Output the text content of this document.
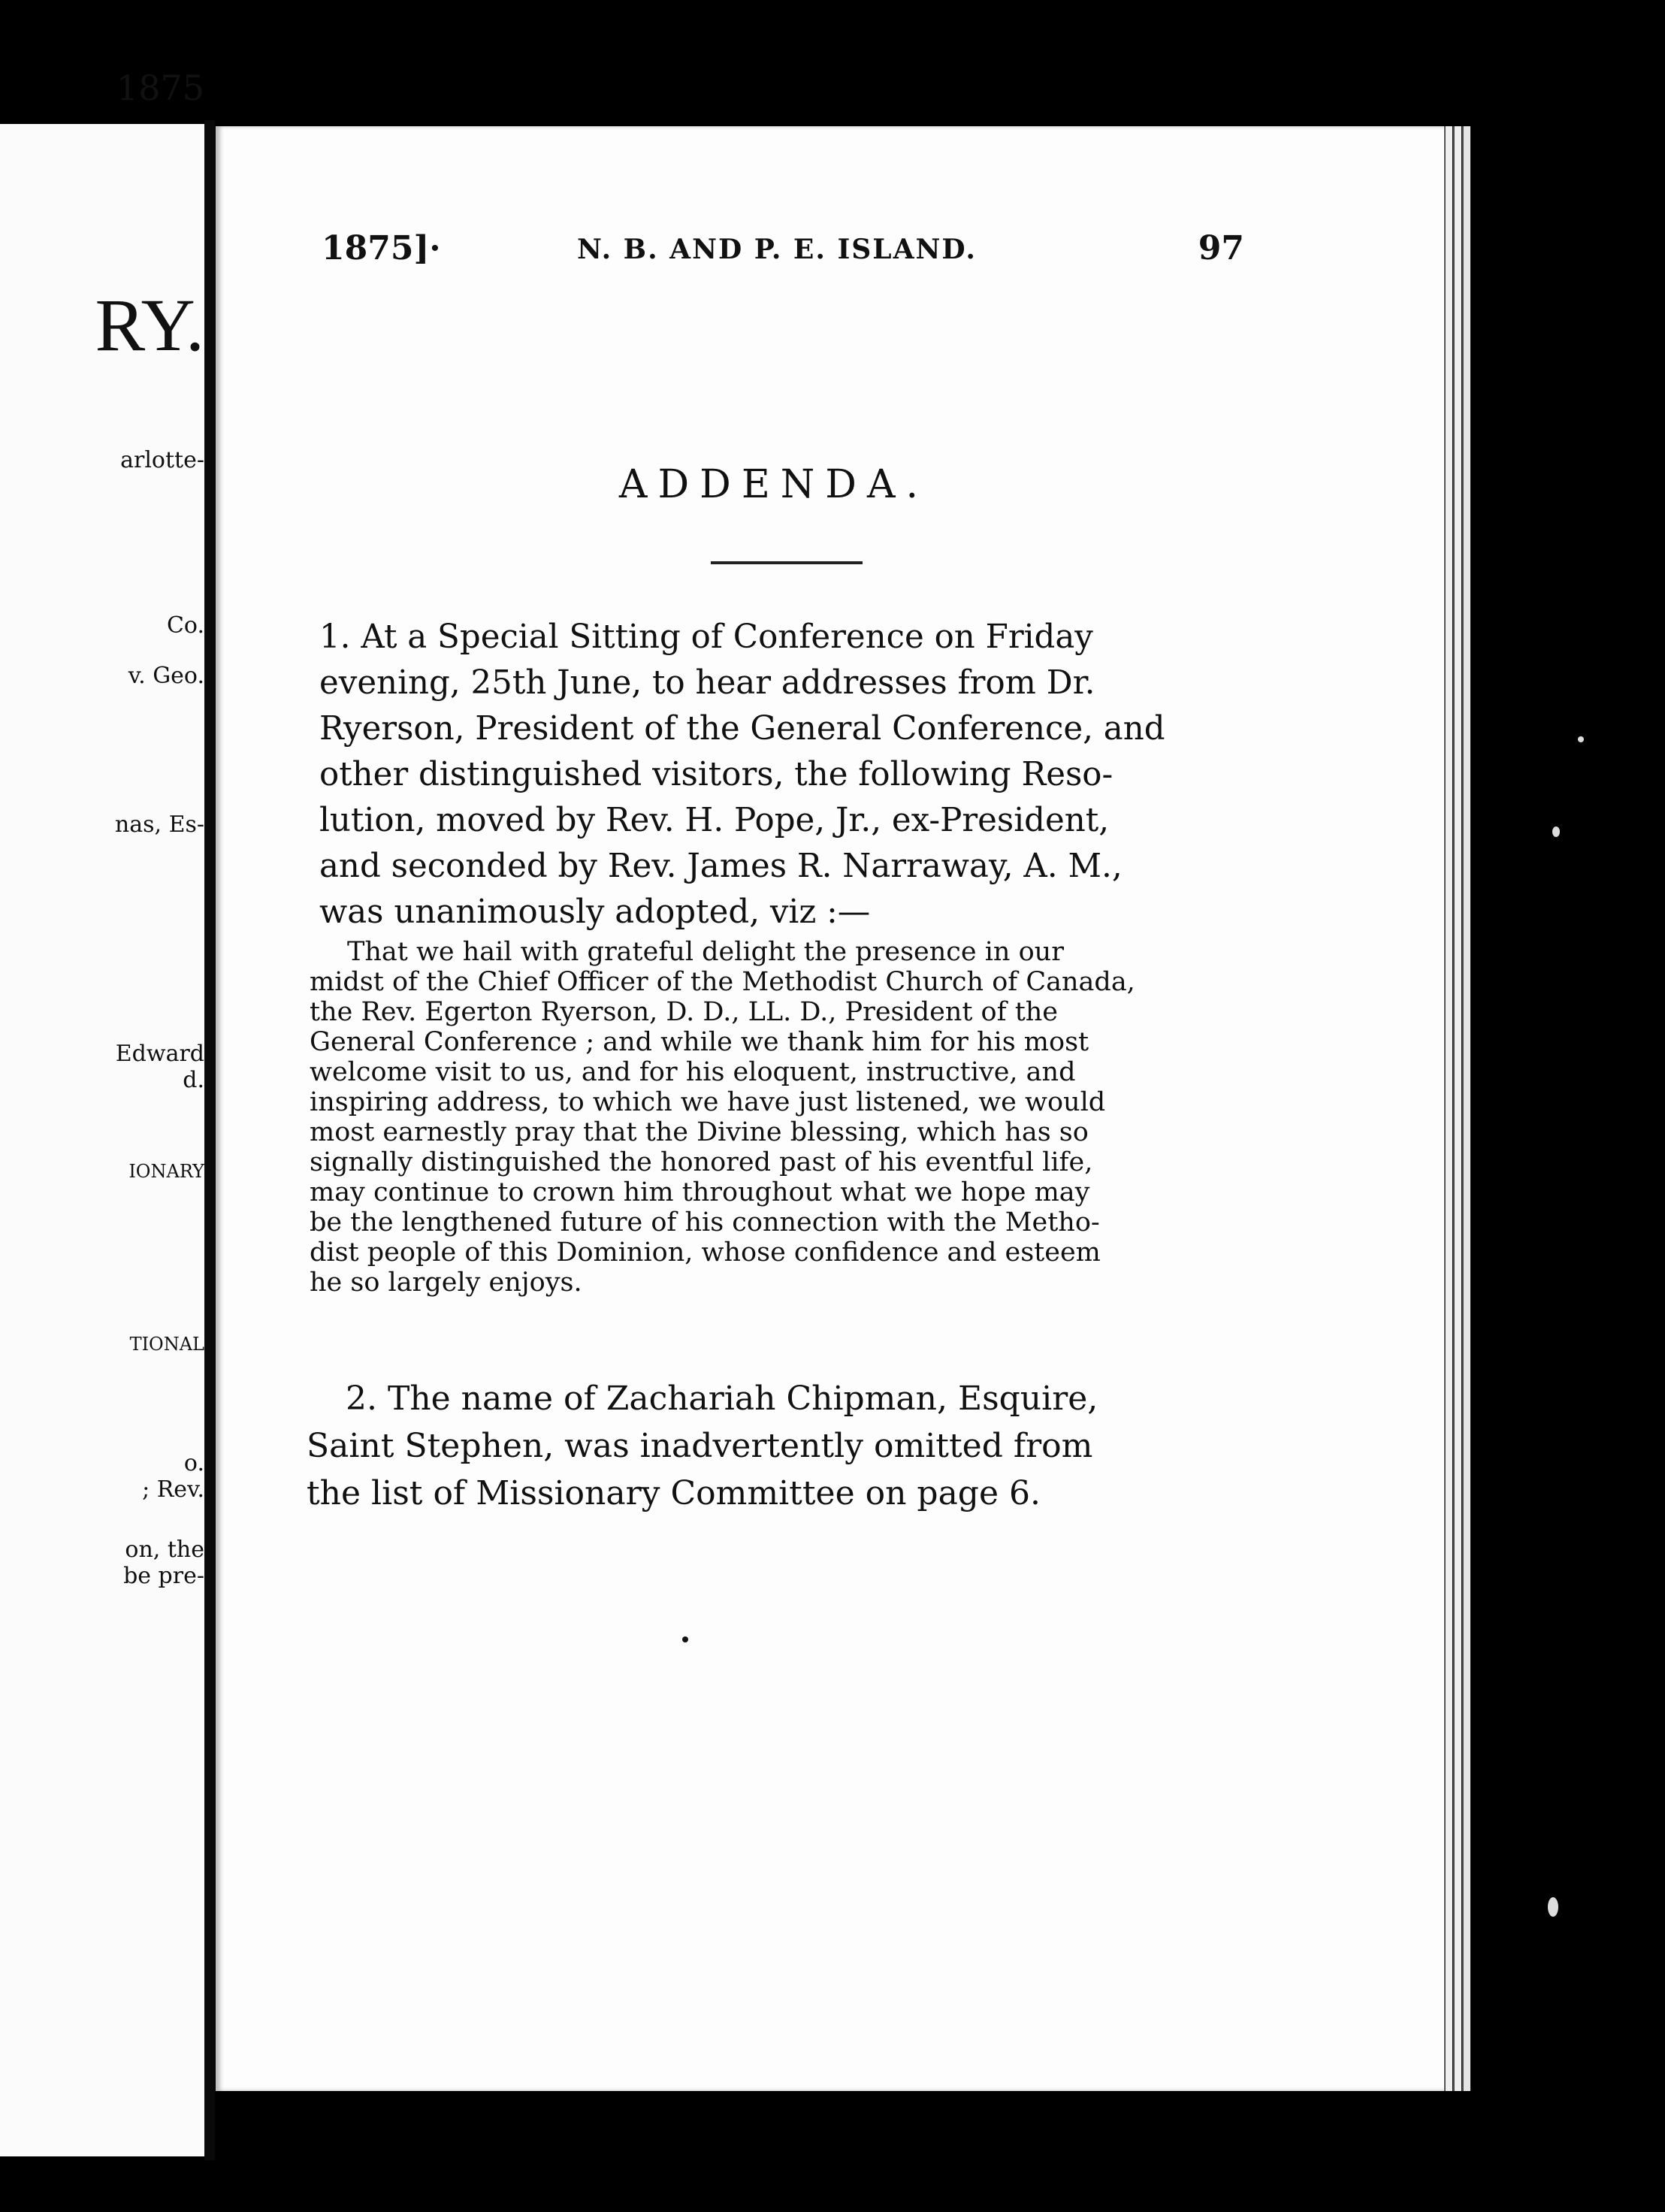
1875
RY.
arlotte-
Co.
v. Geo.
nas, Es-
Edward
d.
IONARY
TIONAL
o.
; Rev.
on, the
be pre-
1875]·	N. B. AND P. E. ISLAND.	97
ADDENDA.
1. At a Special Sitting of Conference on Friday
evening, 25th June, to hear addresses from Dr.
Ryerson, President of the General Conference, and
other distinguished visitors, the following Reso-
lution, moved by Rev. H. Pope, Jr., ex-President,
and seconded by Rev. James R. Narraway, A. M.,
was unanimously adopted, viz :—
That we hail with grateful delight the presence in our
midst of the Chief Officer of the Methodist Church of Canada,
the Rev. Egerton Ryerson, D. D., LL. D., President of the
General Conference ; and while we thank him for his most
welcome visit to us, and for his eloquent, instructive, and
inspiring address, to which we have just listened, we would
most earnestly pray that the Divine blessing, which has so
signally distinguished the honored past of his eventful life,
may continue to crown him throughout what we hope may
be the lengthened future of his connection with the Metho-
dist people of this Dominion, whose confidence and esteem
he so largely enjoys.
2. The name of Zachariah Chipman, Esquire,
Saint Stephen, was inadvertently omitted from
the list of Missionary Committee on page 6.
